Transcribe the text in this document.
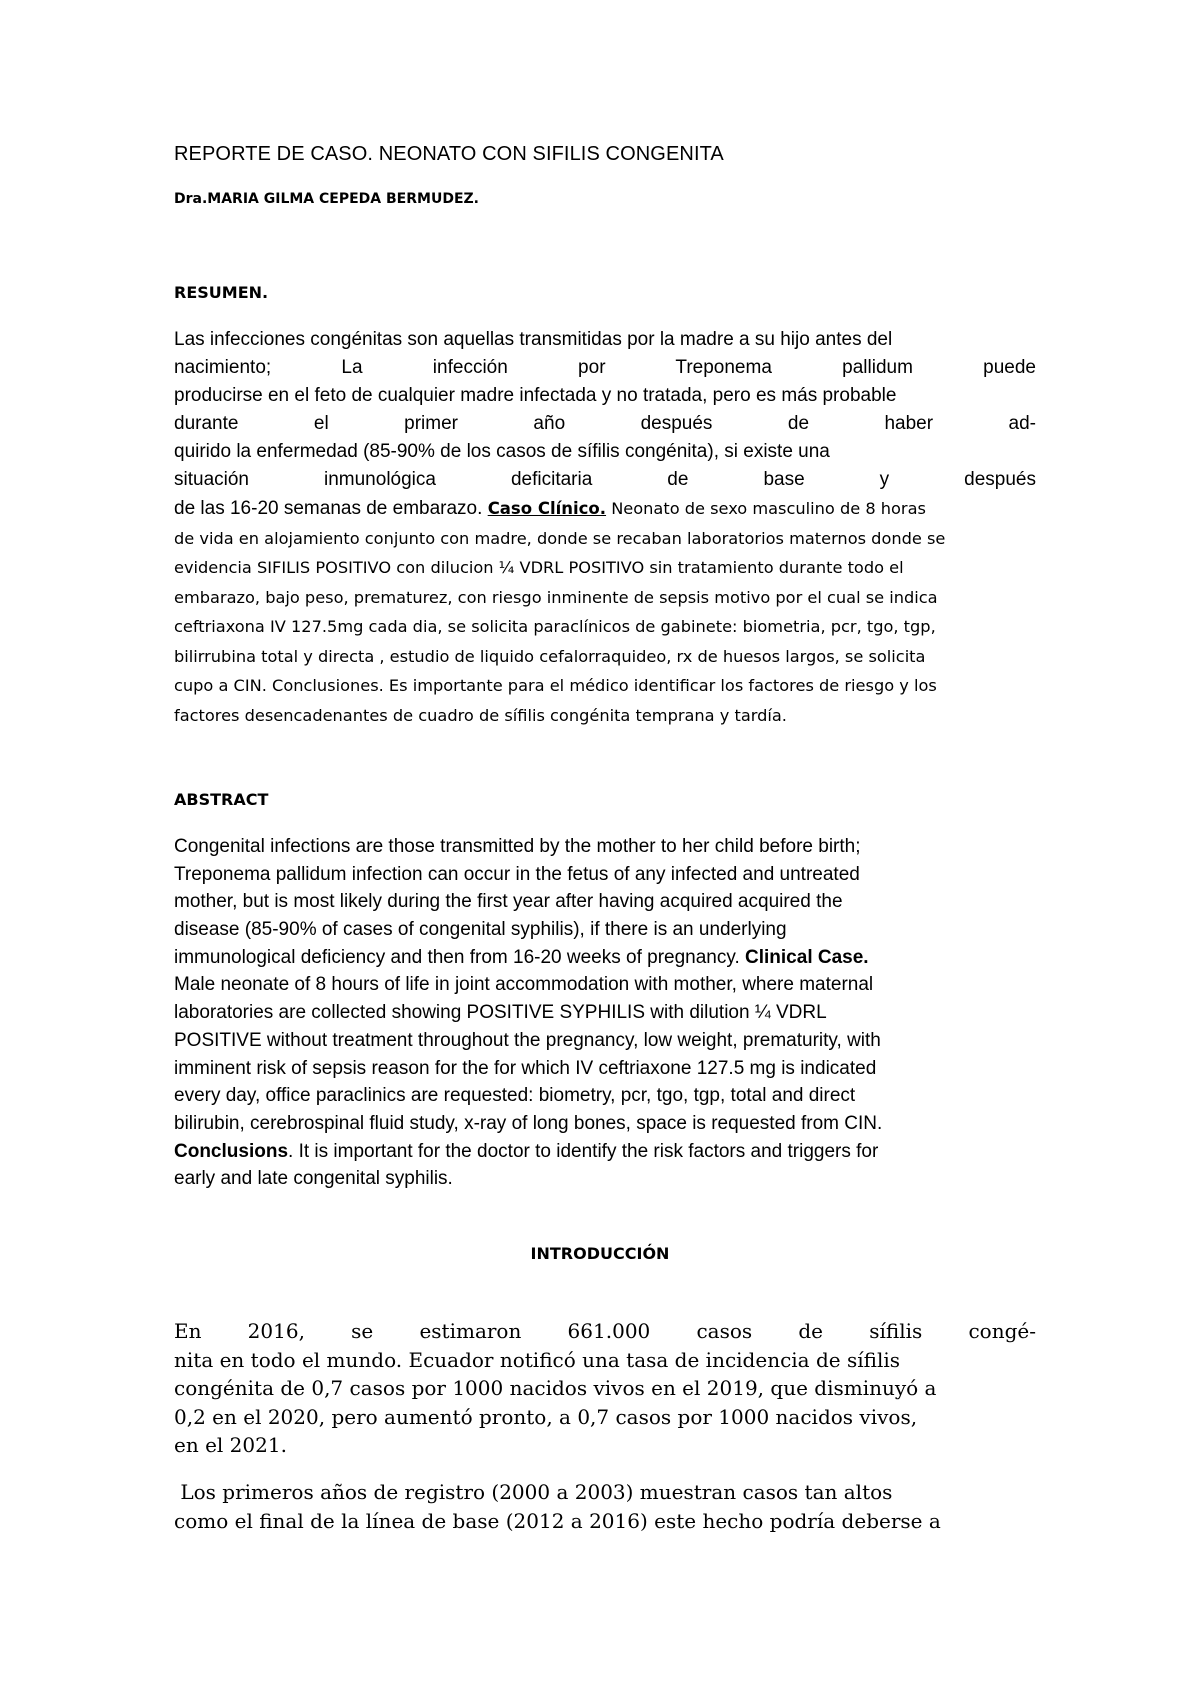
REPORTE DE CASO. NEONATO CON SIFILIS CONGENITA
Dra.MARIA GILMA CEPEDA BERMUDEZ.
RESUMEN.
Las infecciones congénitas son aquellas transmitidas por la madre a su hijo antes del
nacimiento; La infección por Treponema pallidum puede
producirse en el feto de cualquier madre infectada y no tratada, pero es más probable
durante el primer año después de haber ad-
quirido la enfermedad (85-90% de los casos de sífilis congénita), si existe una
situación inmunológica deficitaria de base y después
de las 16-20 semanas de embarazo. Caso Clínico. Neonato de sexo masculino de 8 horas
de vida en alojamiento conjunto con madre, donde se recaban laboratorios maternos donde se
evidencia SIFILIS POSITIVO con dilucion ¼ VDRL POSITIVO sin tratamiento durante todo el
embarazo, bajo peso, prematurez, con riesgo inminente de sepsis motivo por el cual se indica
ceftriaxona IV 127.5mg cada dia, se solicita paraclínicos de gabinete: biometria, pcr, tgo, tgp,
bilirrubina total y directa , estudio de liquido cefalorraquideo, rx de huesos largos, se solicita
cupo a CIN. Conclusiones. Es importante para el médico identificar los factores de riesgo y los
factores desencadenantes de cuadro de sífilis congénita temprana y tardía.
ABSTRACT
Congenital infections are those transmitted by the mother to her child before birth;
Treponema pallidum infection can occur in the fetus of any infected and untreated
mother, but is most likely during the first year after having acquired acquired the
disease (85-90% of cases of congenital syphilis), if there is an underlying
immunological deficiency and then from 16-20 weeks of pregnancy. Clinical Case.
Male neonate of 8 hours of life in joint accommodation with mother, where maternal
laboratories are collected showing POSITIVE SYPHILIS with dilution ¼ VDRL
POSITIVE without treatment throughout the pregnancy, low weight, prematurity, with
imminent risk of sepsis reason for the for which IV ceftriaxone 127.5 mg is indicated
every day, office paraclinics are requested: biometry, pcr, tgo, tgp, total and direct
bilirubin, cerebrospinal fluid study, x-ray of long bones, space is requested from CIN.
Conclusions. It is important for the doctor to identify the risk factors and triggers for
early and late congenital syphilis.
INTRODUCCIÓN
En 2016, se estimaron 661.000 casos de sífilis congé-
nita en todo el mundo. Ecuador notificó una tasa de incidencia de sífilis
congénita de 0,7 casos por 1000 nacidos vivos en el 2019, que disminuyó a
0,2 en el 2020, pero aumentó pronto, a 0,7 casos por 1000 nacidos vivos,
en el 2021.
Los primeros años de registro (2000 a 2003) muestran casos tan altos
como el final de la línea de base (2012 a 2016) este hecho podría deberse a
